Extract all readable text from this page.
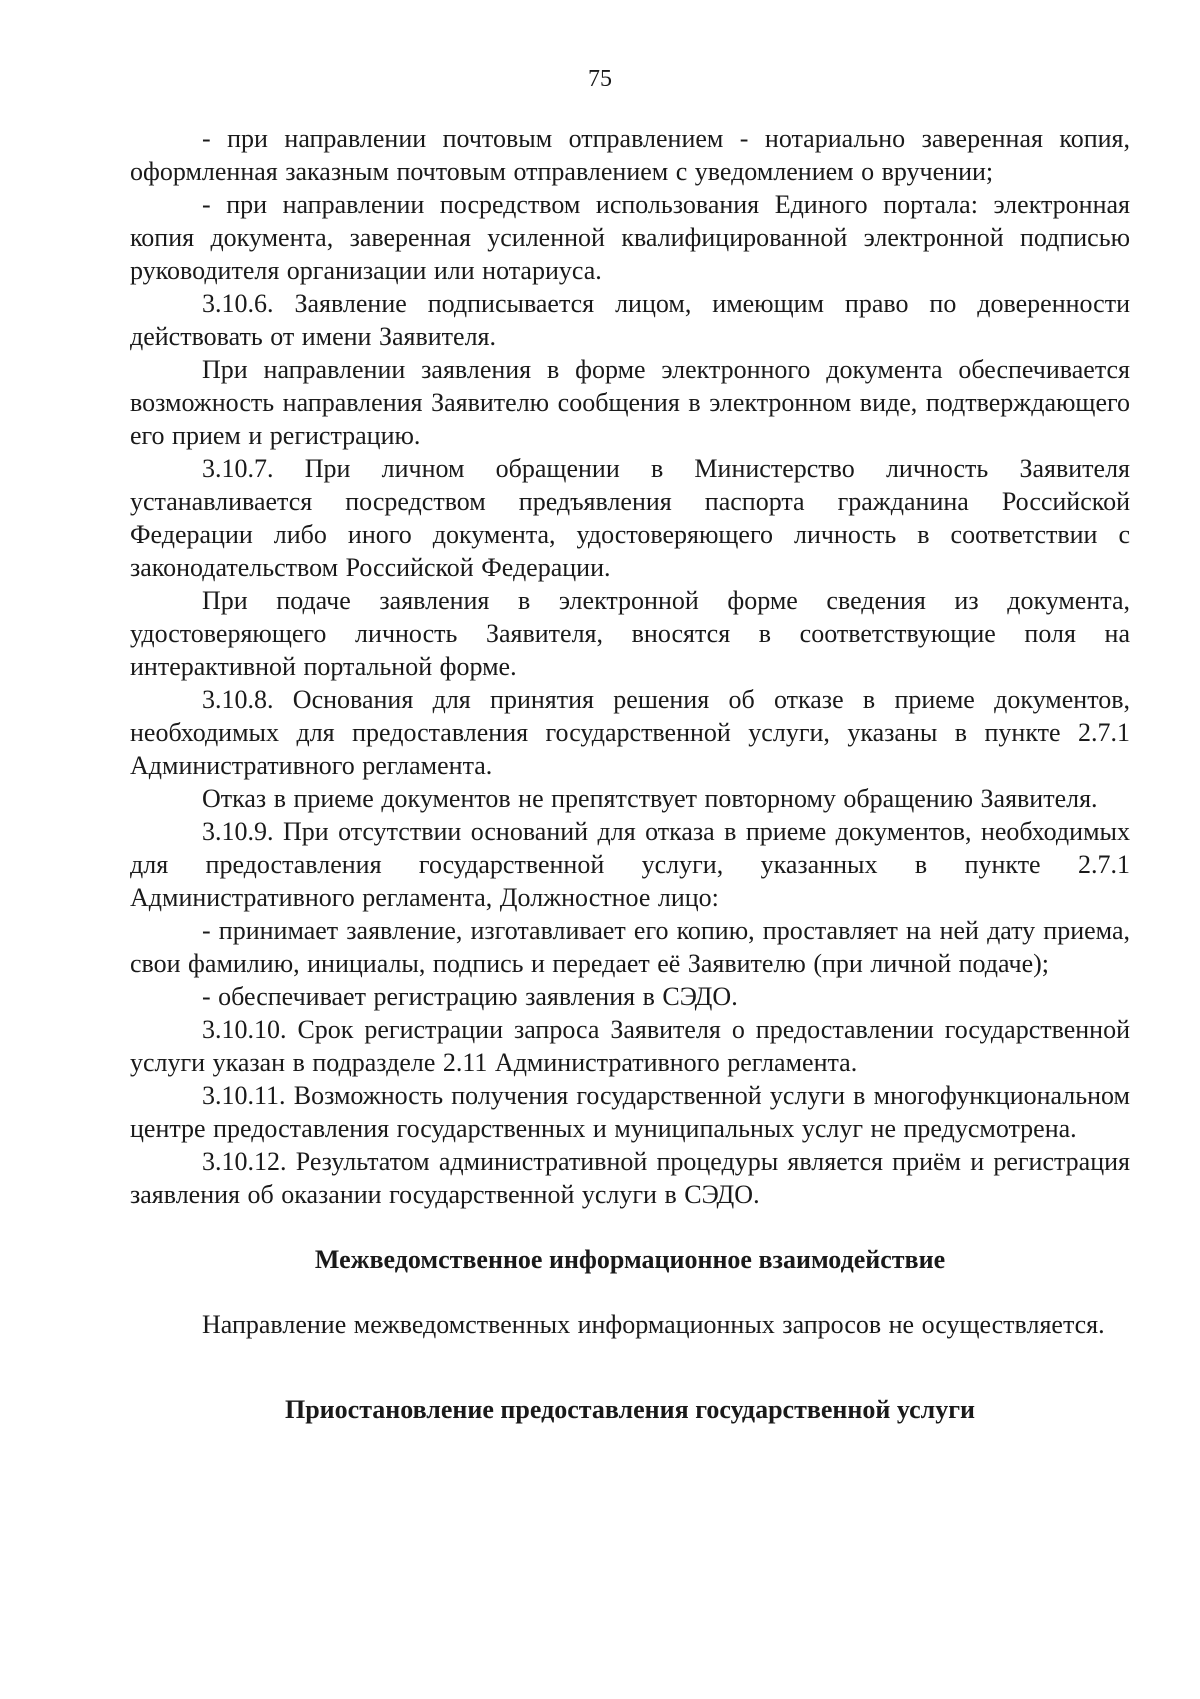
75

- при направлении почтовым отправлением - нотариально заверенная копия, оформленная заказным почтовым отправлением с уведомлением о вручении;

- при направлении посредством использования Единого портала: электронная копия документа, заверенная усиленной квалифицированной электронной подписью руководителя организации или нотариуса.

3.10.6. Заявление подписывается лицом, имеющим право по доверенности действовать от имени Заявителя.

При направлении заявления в форме электронного документа обеспечивается возможность направления Заявителю сообщения в электронном виде, подтверждающего его прием и регистрацию.

3.10.7. При личном обращении в Министерство личность Заявителя устанавливается посредством предъявления паспорта гражданина Российской Федерации либо иного документа, удостоверяющего личность в соответствии с законодательством Российской Федерации.

При подаче заявления в электронной форме сведения из документа, удостоверяющего личность Заявителя, вносятся в соответствующие поля на интерактивной портальной форме.

3.10.8. Основания для принятия решения об отказе в приеме документов, необходимых для предоставления государственной услуги, указаны в пункте 2.7.1 Административного регламента.

Отказ в приеме документов не препятствует повторному обращению Заявителя.

3.10.9. При отсутствии оснований для отказа в приеме документов, необходимых для предоставления государственной услуги, указанных в пункте 2.7.1 Административного регламента, Должностное лицо:

- принимает заявление, изготавливает его копию, проставляет на ней дату приема, свои фамилию, инициалы, подпись и передает её Заявителю (при личной подаче);

- обеспечивает регистрацию заявления в СЭДО.

3.10.10. Срок регистрации запроса Заявителя о предоставлении государственной услуги указан в подразделе 2.11 Административного регламента.

3.10.11. Возможность получения государственной услуги в многофункциональном центре предоставления государственных и муниципальных услуг не предусмотрена.

3.10.12. Результатом административной процедуры является приём и регистрация заявления об оказании государственной услуги в СЭДО.

Межведомственное информационное взаимодействие

Направление межведомственных информационных запросов не осуществляется.

Приостановление предоставления государственной услуги
